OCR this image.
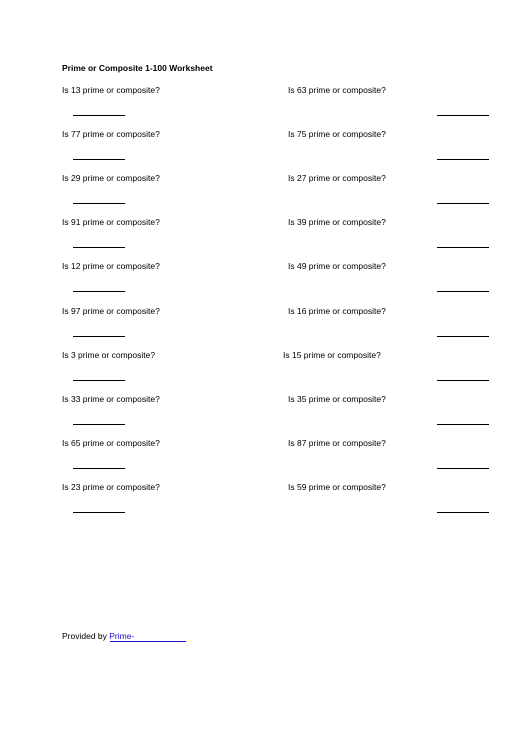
Prime or Composite 1-100 Worksheet
Is 13 prime or composite?	Is 63 prime or composite?
Is 77 prime or composite?	Is 75 prime or composite?
Is 29 prime or composite?	Is 27 prime or composite?
Is 91 prime or composite?	Is 39 prime or composite?
Is 12 prime or composite?	Is 49 prime or composite?
Is 97 prime or composite?	Is 16 prime or composite?
Is 3 prime or composite?	Is 15 prime or composite?
Is 33 prime or composite?	Is 35 prime or composite?
Is 65 prime or composite?	Is 87 prime or composite?
Is 23 prime or composite?	Is 59 prime or composite?
Provided by Prime-
